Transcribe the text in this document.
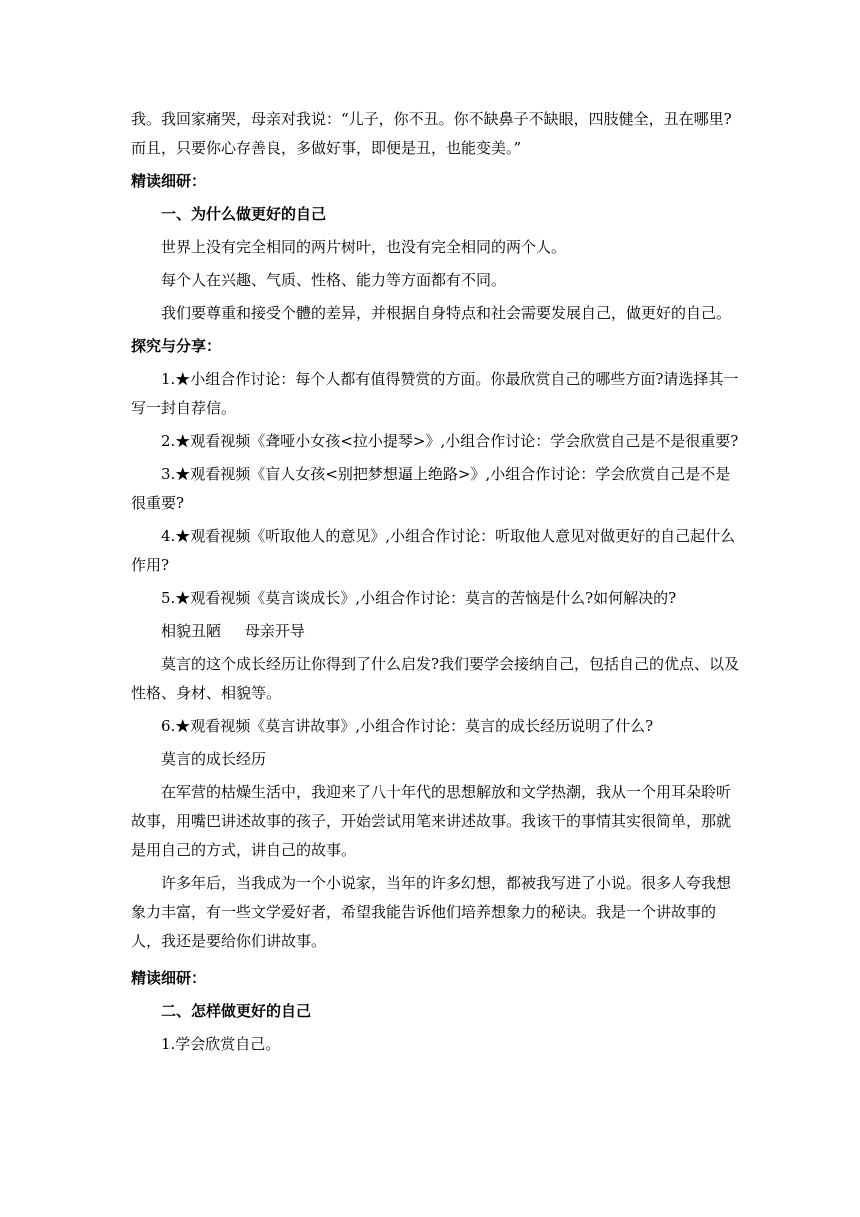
我。我回家痛哭，母亲对我说：“儿子，你不丑。你不缺鼻子不缺眼，四肢健全，丑在哪里?而且，只要你心存善良，多做好事，即便是丑，也能变美。”

精读细研：
一、为什么做更好的自己

世界上没有完全相同的两片树叶，也没有完全相同的两个人。

每个人在兴趣、气质、性格、能力等方面都有不同。

我们要尊重和接受个體的差异，并根据自身特点和社会需要发展自己，做更好的自己。

探究与分享：

1.★小组合作讨论：每个人都有值得赞赏的方面。你最欣赏自己的哪些方面?请选择其一写一封自荐信。

2.★观看视频《聋哑小女孩<拉小提琴>》,小组合作讨论：学会欣赏自己是不是很重要?

3.★观看视频《盲人女孩<别把梦想逼上绝路>》,小组合作讨论：学会欣赏自己是不是很重要?

4.★观看视频《听取他人的意见》,小组合作讨论：听取他人意见对做更好的自己起什么作用?

5.★观看视频《莫言谈成长》,小组合作讨论：莫言的苦恼是什么?如何解决的?

相貌丑陋     母亲开导

莫言的这个成长经历让你得到了什么启发?我们要学会接纳自己，包括自己的优点、以及性格、身材、相貌等。

6.★观看视频《莫言讲故事》,小组合作讨论：莫言的成长经历说明了什么?

莫言的成长经历

在军营的枯燥生活中，我迎来了八十年代的思想解放和文学热潮，我从一个用耳朵聆听故事，用嘴巴讲述故事的孩子，开始尝试用笔来讲述故事。我该干的事情其实很简单，那就是用自己的方式，讲自己的故事。

许多年后，当我成为一个小说家，当年的许多幻想，都被我写进了小说。很多人夸我想象力丰富，有一些文学爱好者，希望我能告诉他们培养想象力的秘诀。我是一个讲故事的人，我还是要给你们讲故事。

精读细研：
二、怎样做更好的自己

1.学会欣赏自己。
